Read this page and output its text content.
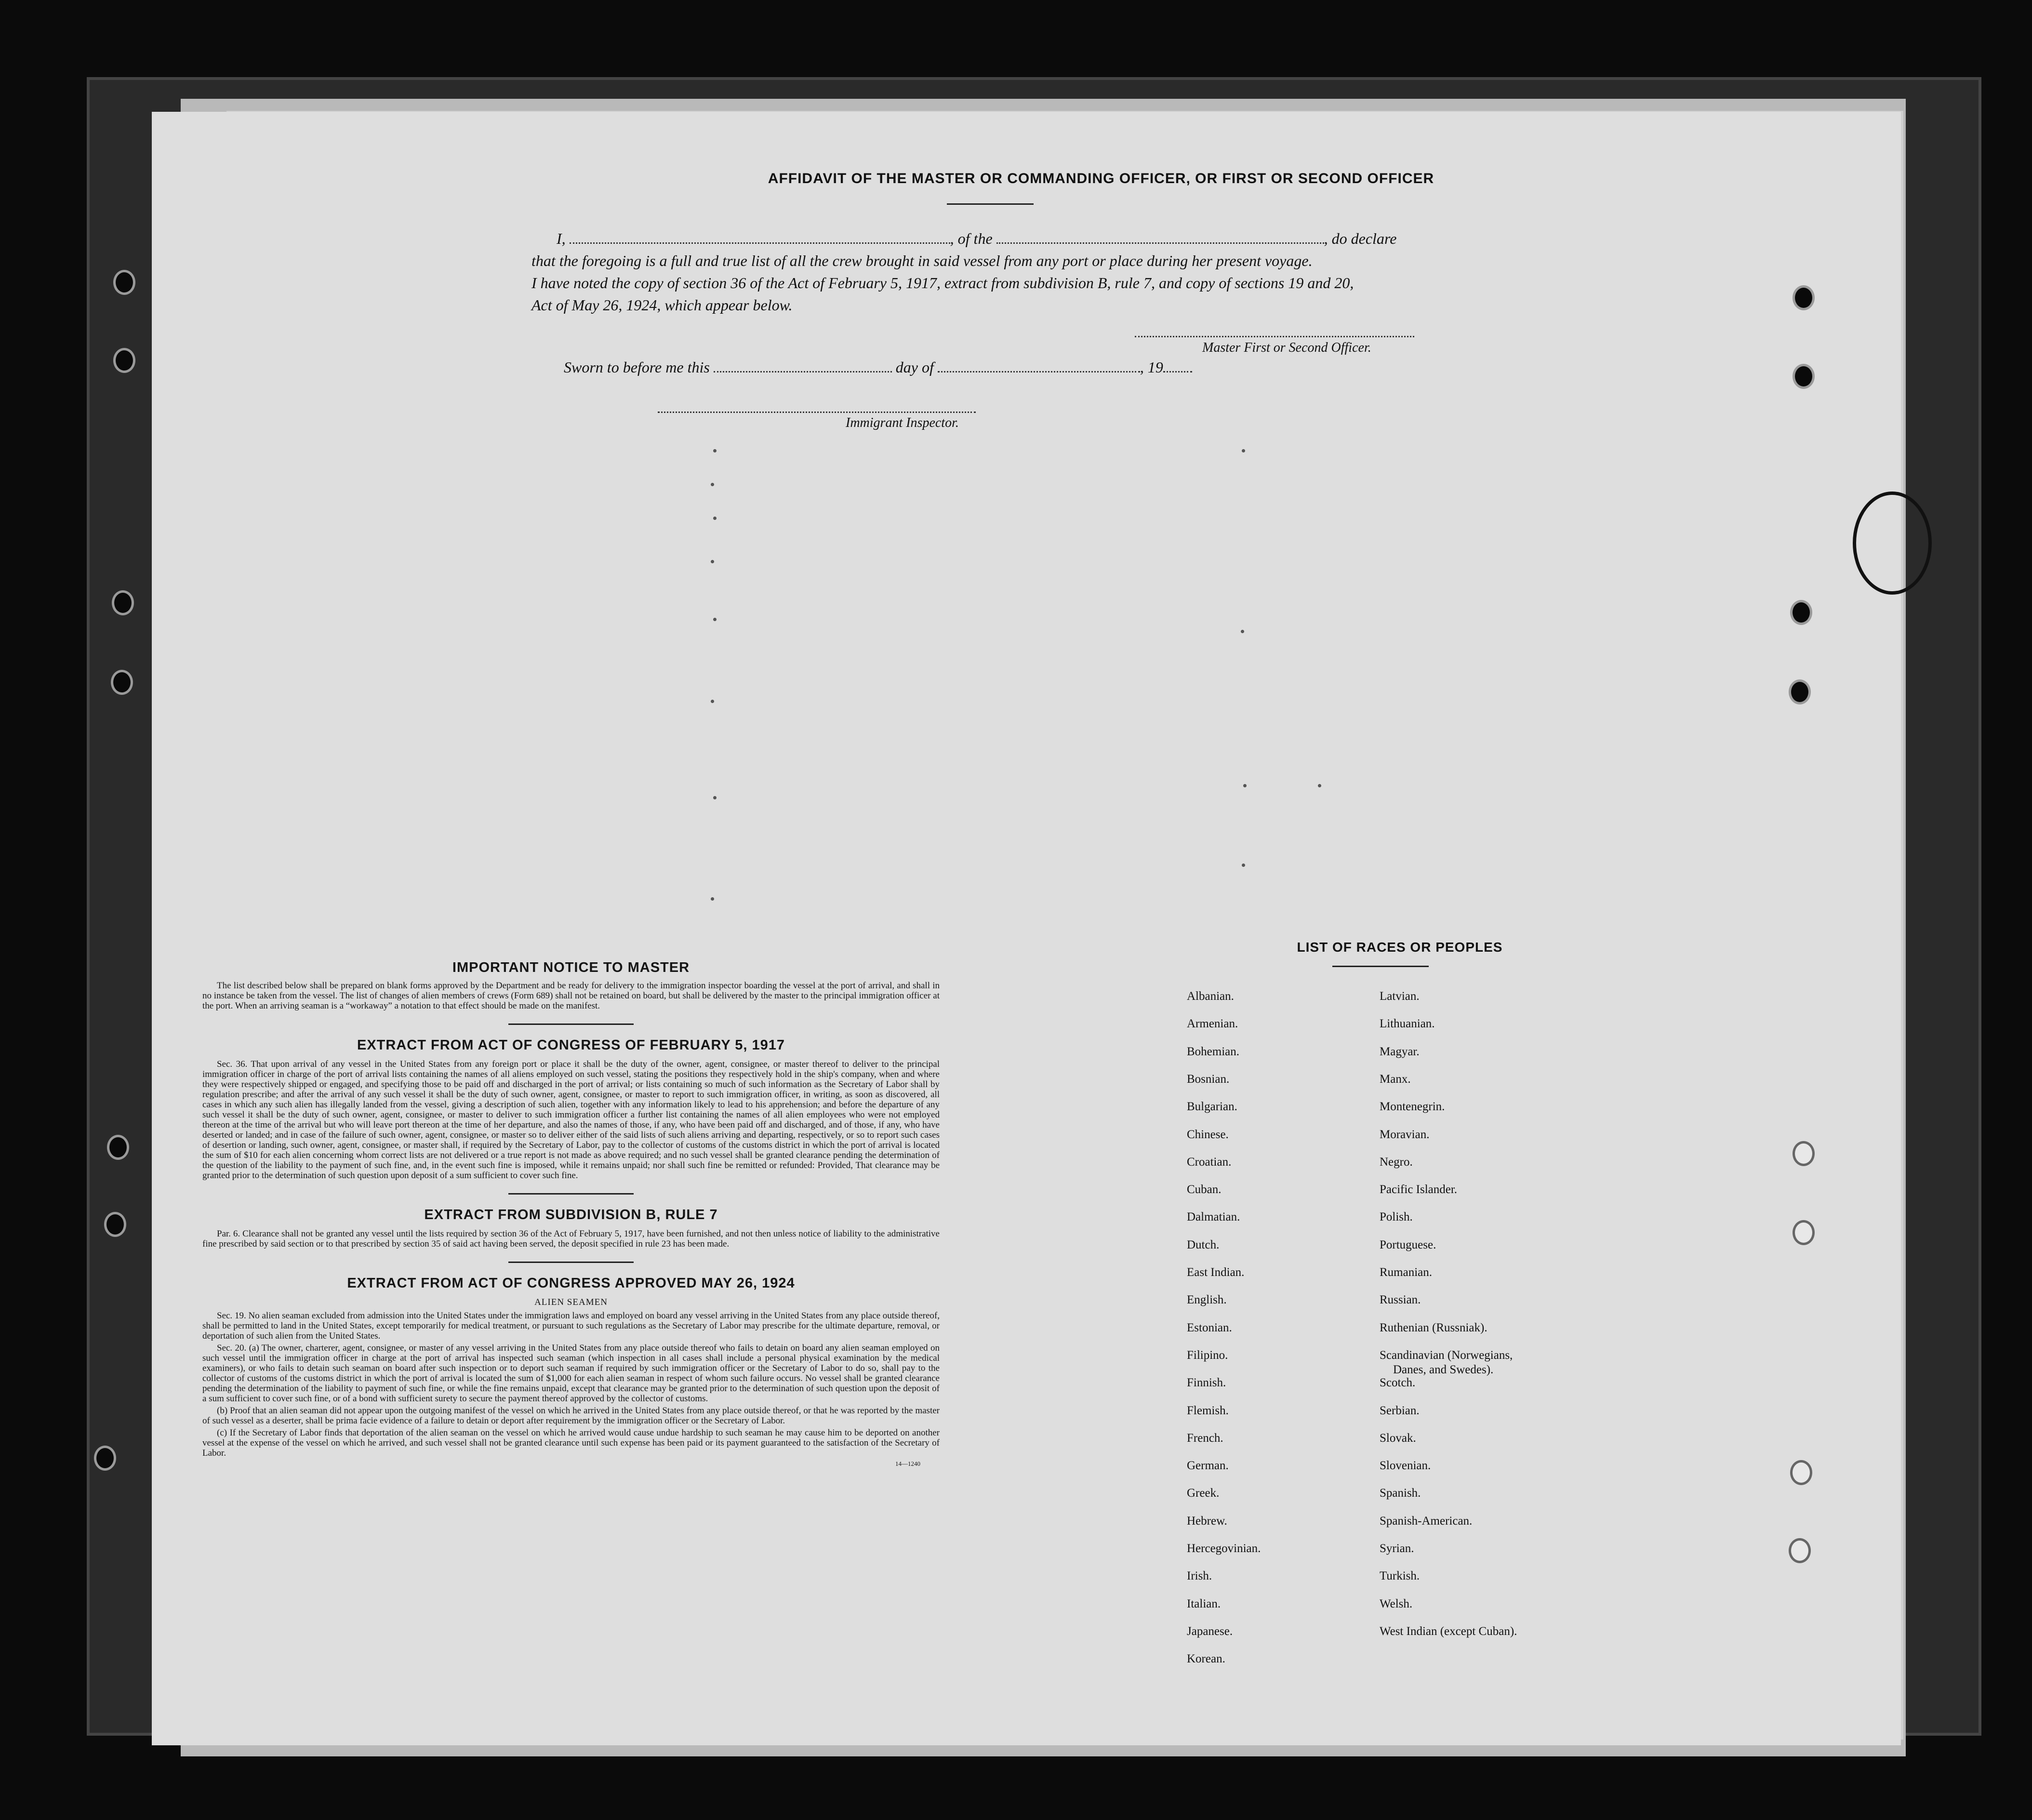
AFFIDAVIT OF THE MASTER OR COMMANDING OFFICER, OR FIRST OR SECOND OFFICER
I,	, of the	, do declare
that the foregoing is a full and true list of all the crew brought in said vessel from any port or place during her present voyage.
I have noted the copy of section 36 of the Act of February 5, 1917, extract from subdivision B, rule 7, and copy of sections 19 and 20,
Act of May 26, 1924, which appear below.
Master First or Second Officer.
Sworn to before me this	day of	, 19
Immigrant Inspector.
IMPORTANT NOTICE TO MASTER

The list described below shall be prepared on blank forms approved by the Department and be ready for delivery to the immigration inspector boarding the vessel at the port of arrival, and shall in no instance be taken from the vessel. The list of changes of alien members of crews (Form 689) shall not be retained on board, but shall be delivered by the master to the principal immigration officer at the port. When an arriving seaman is a “workaway” a notation to that effect should be made on the manifest.

EXTRACT FROM ACT OF CONGRESS OF FEBRUARY 5, 1917

Sec. 36. That upon arrival of any vessel in the United States from any foreign port or place it shall be the duty of the owner, agent, consignee, or master thereof to deliver to the principal immigration officer in charge of the port of arrival lists containing the names of all aliens employed on such vessel, stating the positions they respectively hold in the ship's company, when and where they were respectively shipped or engaged, and specifying those to be paid off and discharged in the port of arrival; or lists containing so much of such information as the Secretary of Labor shall by regulation prescribe; and after the arrival of any such vessel it shall be the duty of such owner, agent, consignee, or master to report to such immigration officer, in writing, as soon as discovered, all cases in which any such alien has illegally landed from the vessel, giving a description of such alien, together with any information likely to lead to his apprehension; and before the departure of any such vessel it shall be the duty of such owner, agent, consignee, or master to deliver to such immigration officer a further list containing the names of all alien employees who were not employed thereon at the time of the arrival but who will leave port thereon at the time of her departure, and also the names of those, if any, who have been paid off and discharged, and of those, if any, who have deserted or landed; and in case of the failure of such owner, agent, consignee, or master so to deliver either of the said lists of such aliens arriving and departing, respectively, or so to report such cases of desertion or landing, such owner, agent, consignee, or master shall, if required by the Secretary of Labor, pay to the collector of customs of the customs district in which the port of arrival is located the sum of $10 for each alien concerning whom correct lists are not delivered or a true report is not made as above required; and no such vessel shall be granted clearance pending the determination of the question of the liability to the payment of such fine, and, in the event such fine is imposed, while it remains unpaid; nor shall such fine be remitted or refunded: Provided, That clearance may be granted prior to the determination of such question upon deposit of a sum sufficient to cover such fine.

EXTRACT FROM SUBDIVISION B, RULE 7

Par. 6. Clearance shall not be granted any vessel until the lists required by section 36 of the Act of February 5, 1917, have been furnished, and not then unless notice of liability to the administrative fine prescribed by said section or to that prescribed by section 35 of said act having been served, the deposit specified in rule 23 has been made.

EXTRACT FROM ACT OF CONGRESS APPROVED MAY 26, 1924
ALIEN SEAMEN

Sec. 19. No alien seaman excluded from admission into the United States under the immigration laws and employed on board any vessel arriving in the United States from any place outside thereof, shall be permitted to land in the United States, except temporarily for medical treatment, or pursuant to such regulations as the Secretary of Labor may prescribe for the ultimate departure, removal, or deportation of such alien from the United States.

Sec. 20. (a) The owner, charterer, agent, consignee, or master of any vessel arriving in the United States from any place outside thereof who fails to detain on board any alien seaman employed on such vessel until the immigration officer in charge at the port of arrival has inspected such seaman (which inspection in all cases shall include a personal physical examination by the medical examiners), or who fails to detain such seaman on board after such inspection or to deport such seaman if required by such immigration officer or the Secretary of Labor to do so, shall pay to the collector of customs of the customs district in which the port of arrival is located the sum of $1,000 for each alien seaman in respect of whom such failure occurs. No vessel shall be granted clearance pending the determination of the liability to payment of such fine, or while the fine remains unpaid, except that clearance may be granted prior to the determination of such question upon the deposit of a sum sufficient to cover such fine, or of a bond with sufficient surety to secure the payment thereof approved by the collector of customs.

(b) Proof that an alien seaman did not appear upon the outgoing manifest of the vessel on which he arrived in the United States from any place outside thereof, or that he was reported by the master of such vessel as a deserter, shall be prima facie evidence of a failure to detain or deport after requirement by the immigration officer or the Secretary of Labor.

(c) If the Secretary of Labor finds that deportation of the alien seaman on the vessel on which he arrived would cause undue hardship to such seaman he may cause him to be deported on another vessel at the expense of the vessel on which he arrived, and such vessel shall not be granted clearance until such expense has been paid or its payment guaranteed to the satisfaction of the Secretary of Labor.

14—1240
LIST OF RACES OR PEOPLES
Albanian.
Armenian.
Bohemian.
Bosnian.
Bulgarian.
Chinese.
Croatian.
Cuban.
Dalmatian.
Dutch.
East Indian.
English.
Estonian.
Filipino.
Finnish.
Flemish.
French.
German.
Greek.
Hebrew.
Hercegovinian.
Irish.
Italian.
Japanese.
Korean.
Latvian.
Lithuanian.
Magyar.
Manx.
Montenegrin.
Moravian.
Negro.
Pacific Islander.
Polish.
Portuguese.
Rumanian.
Russian.
Ruthenian (Russniak).
Scandinavian (Norwegians,
Danes, and Swedes).
Scotch.
Serbian.
Slovak.
Slovenian.
Spanish.
Spanish-American.
Syrian.
Turkish.
Welsh.
West Indian (except Cuban).
